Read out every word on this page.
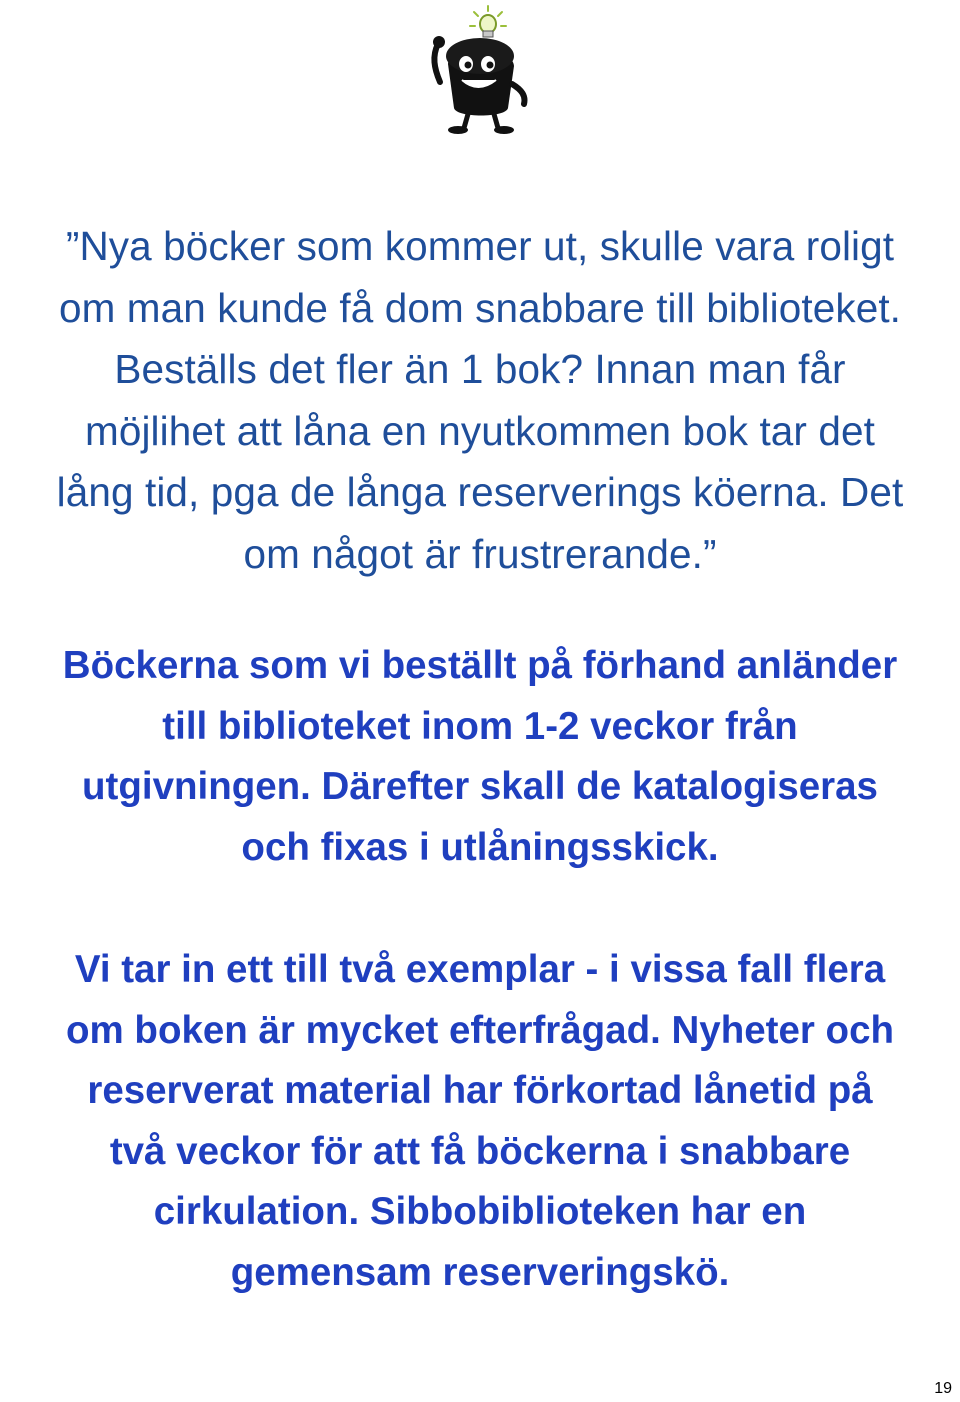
”Nya böcker som kommer ut, skulle vara roligt
om man kunde få dom snabbare till biblioteket.
Beställs det fler än 1 bok? Innan man får
möjlihet att låna en nyutkommen bok tar det
lång tid, pga de långa reserverings köerna. Det
om något är frustrerande.”
Böckerna som vi beställt på förhand anländer
till biblioteket inom 1-2 veckor från
utgivningen. Därefter skall de katalogiseras
och fixas i utlåningsskick.
Vi tar in ett till två exemplar - i vissa fall flera
om boken är mycket efterfrågad. Nyheter och
reserverat material har förkortad lånetid på
två veckor för att få böckerna i snabbare
cirkulation. Sibbobiblioteken har en
gemensam reserveringskö.
19
